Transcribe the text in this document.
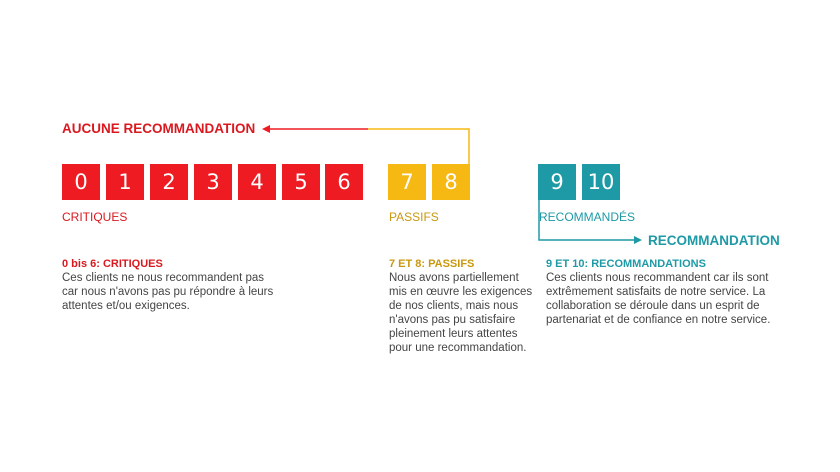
AUCUNE RECOMMANDATION
0	1	2	3	4	5	6	7	8	9	10
CRITIQUES	PASSIFS	RECOMMANDÉS
RECOMMANDATION
0 bis 6: CRITIQUES
Ces clients ne nous recommandent pas
car nous n'avons pas pu répondre à leurs
attentes et/ou exigences.
7 ET 8: PASSIFS
Nous avons partiellement
mis en œuvre les exigences
de nos clients, mais nous
n'avons pas pu satisfaire
pleinement leurs attentes
pour une recommandation.
9 ET 10: RECOMMANDATIONS
Ces clients nous recommandent car ils sont
extrêmement satisfaits de notre service. La
collaboration se déroule dans un esprit de
partenariat et de confiance en notre service.
